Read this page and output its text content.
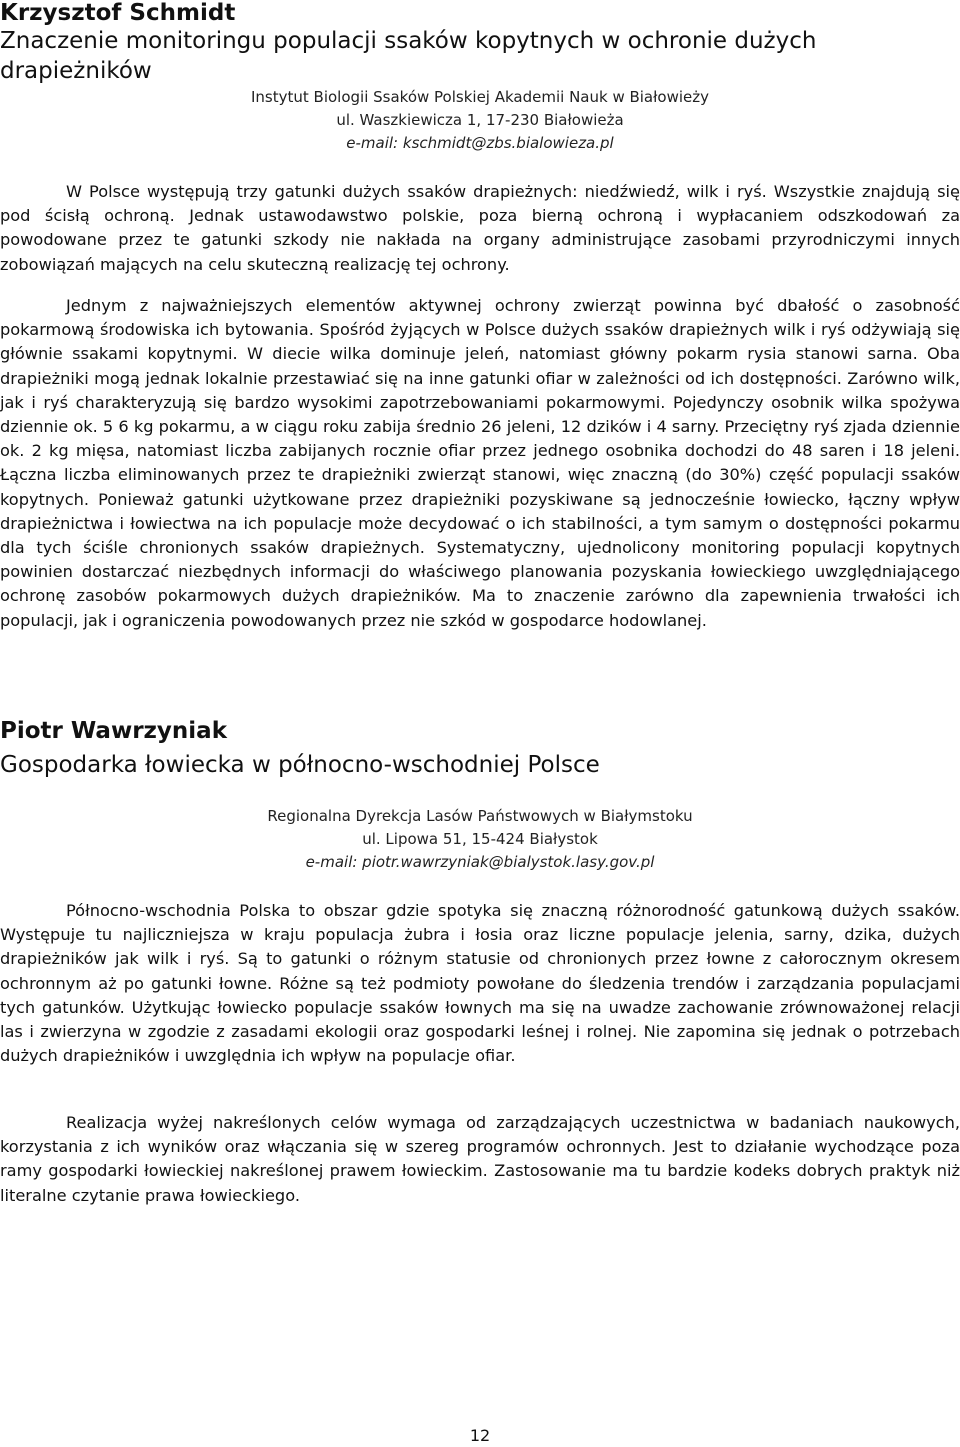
Krzysztof Schmidt
Znaczenie monitoringu populacji ssaków kopytnych w ochronie dużych drapieżników
Instytut Biologii Ssaków Polskiej Akademii Nauk w Białowieży
ul. Waszkiewicza 1, 17-230 Białowieża
e-mail: kschmidt@zbs.bialowieza.pl

W Polsce występują trzy gatunki dużych ssaków drapieżnych: niedźwiedź, wilk i ryś. Wszystkie znajdują się pod ścisłą ochroną. Jednak ustawodawstwo polskie, poza bierną ochroną i wypłacaniem odszkodowań za powodowane przez te gatunki szkody nie nakłada na organy administrujące zasobami przyrodniczymi innych zobowiązań mających na celu skuteczną realizację tej ochrony.

Jednym z najważniejszych elementów aktywnej ochrony zwierząt powinna być dbałość o zasobność pokarmową środowiska ich bytowania. Spośród żyjących w Polsce dużych ssaków drapieżnych wilk i ryś odżywiają się głównie ssakami kopytnymi. W diecie wilka dominuje jeleń, natomiast główny pokarm rysia stanowi sarna. Oba drapieżniki mogą jednak lokalnie przestawiać się na inne gatunki ofiar w zależności od ich dostępności. Zarówno wilk, jak i ryś charakteryzują się bardzo wysokimi zapotrzebowaniami pokarmowymi. Pojedynczy osobnik wilka spożywa dziennie ok. 5 6 kg pokarmu, a w ciągu roku zabija średnio 26 jeleni, 12 dzików i 4 sarny. Przeciętny ryś zjada dziennie ok. 2 kg mięsa, natomiast liczba zabijanych rocznie ofiar przez jednego osobnika dochodzi do 48 saren i 18 jeleni. Łączna liczba eliminowanych przez te drapieżniki zwierząt stanowi, więc znaczną (do 30%) część populacji ssaków kopytnych. Ponieważ gatunki użytkowane przez drapieżniki pozyskiwane są jednocześnie łowiecko, łączny wpływ drapieżnictwa i łowiectwa na ich populacje może decydować o ich stabilności, a tym samym o dostępności pokarmu dla tych ściśle chronionych ssaków drapieżnych. Systematyczny, ujednolicony monitoring populacji kopytnych powinien dostarczać niezbędnych informacji do właściwego planowania pozyskania łowieckiego uwzględniającego ochronę zasobów pokarmowych dużych drapieżników. Ma to znaczenie zarówno dla zapewnienia trwałości ich populacji, jak i ograniczenia powodowanych przez nie szkód w gospodarce hodowlanej.

Piotr Wawrzyniak
Gospodarka łowiecka w północno-wschodniej Polsce
Regionalna Dyrekcja Lasów Państwowych w Białymstoku
ul. Lipowa 51, 15-424 Białystok
e-mail: piotr.wawrzyniak@bialystok.lasy.gov.pl

Północno-wschodnia Polska to obszar gdzie spotyka się znaczną różnorodność gatunkową dużych ssaków. Występuje tu najliczniejsza w kraju populacja żubra i łosia oraz liczne populacje jelenia, sarny, dzika, dużych drapieżników jak wilk i ryś. Są to gatunki o różnym statusie od chronionych przez łowne z całorocznym okresem ochronnym aż po gatunki łowne. Różne są też podmioty powołane do śledzenia trendów i zarządzania populacjami tych gatunków. Użytkując łowiecko populacje ssaków łownych ma się na uwadze zachowanie zrównoważonej relacji las i zwierzyna w zgodzie z zasadami ekologii oraz gospodarki leśnej i rolnej. Nie zapomina się jednak o potrzebach dużych drapieżników i uwzględnia ich wpływ na populacje ofiar.

Realizacja wyżej nakreślonych celów wymaga od zarządzających uczestnictwa w badaniach naukowych, korzystania z ich wyników oraz włączania się w szereg programów ochronnych. Jest to działanie wychodzące poza ramy gospodarki łowieckiej nakreślonej prawem łowieckim. Zastosowanie ma tu bardzie kodeks dobrych praktyk niż literalne czytanie prawa łowieckiego.

12
